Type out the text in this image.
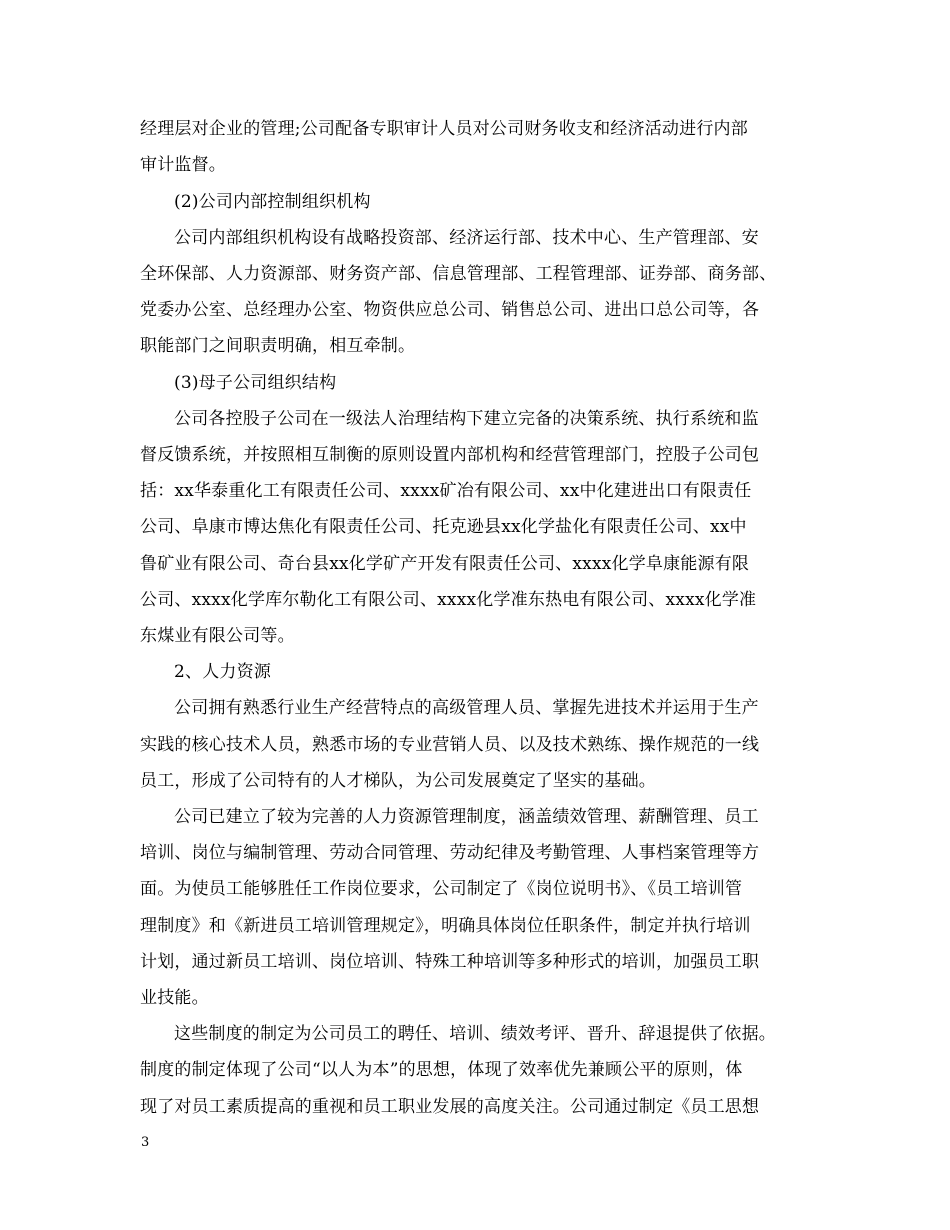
经理层对企业的管理;公司配备专职审计人员对公司财务收支和经济活动进行内部
审计监督。
(2)公司内部控制组织机构
公司内部组织机构设有战略投资部、经济运行部、技术中心、生产管理部、安
全环保部、人力资源部、财务资产部、信息管理部、工程管理部、证券部、商务部、
党委办公室、总经理办公室、物资供应总公司、销售总公司、进出口总公司等，各
职能部门之间职责明确，相互牵制。
(3)母子公司组织结构
公司各控股子公司在一级法人治理结构下建立完备的决策系统、执行系统和监
督反馈系统，并按照相互制衡的原则设置内部机构和经营管理部门，控股子公司包
括：xx华泰重化工有限责任公司、xxxx矿冶有限公司、xx中化建进出口有限责任
公司、阜康市博达焦化有限责任公司、托克逊县xx化学盐化有限责任公司、xx中
鲁矿业有限公司、奇台县xx化学矿产开发有限责任公司、xxxx化学阜康能源有限
公司、xxxx化学库尔勒化工有限公司、xxxx化学准东热电有限公司、xxxx化学准
东煤业有限公司等。
2、人力资源
公司拥有熟悉行业生产经营特点的高级管理人员、掌握先进技术并运用于生产
实践的核心技术人员，熟悉市场的专业营销人员、以及技术熟练、操作规范的一线
员工，形成了公司特有的人才梯队，为公司发展奠定了坚实的基础。
公司已建立了较为完善的人力资源管理制度，涵盖绩效管理、薪酬管理、员工
培训、岗位与编制管理、劳动合同管理、劳动纪律及考勤管理、人事档案管理等方
面。为使员工能够胜任工作岗位要求，公司制定了《岗位说明书》、《员工培训管
理制度》和《新进员工培训管理规定》，明确具体岗位任职条件，制定并执行培训
计划，通过新员工培训、岗位培训、特殊工种培训等多种形式的培训，加强员工职
业技能。
这些制度的制定为公司员工的聘任、培训、绩效考评、晋升、辞退提供了依据。
制度的制定体现了公司“以人为本”的思想，体现了效率优先兼顾公平的原则，体
现了对员工素质提高的重视和员工职业发展的高度关注。公司通过制定《员工思想
3
